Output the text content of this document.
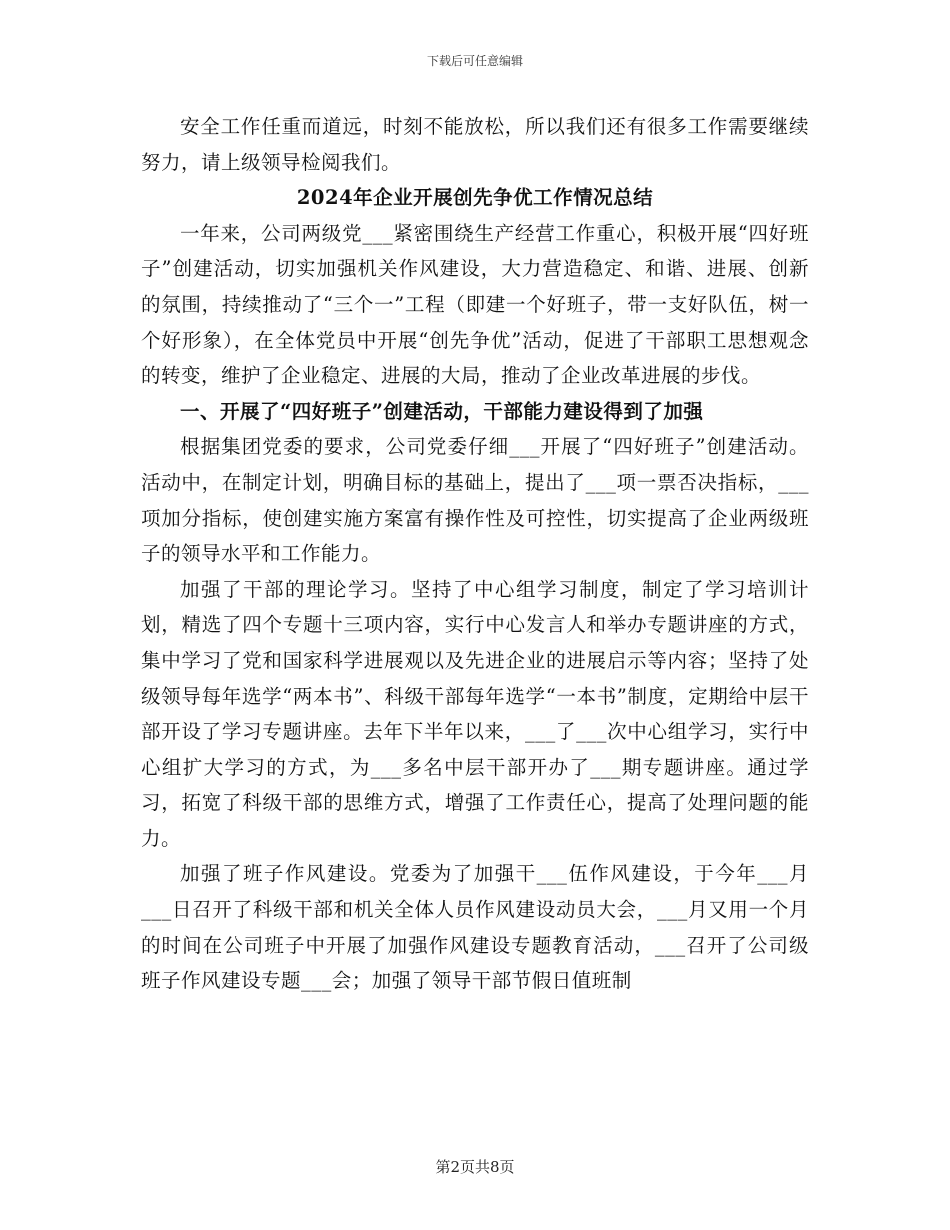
下载后可任意编辑

安全工作任重而道远，时刻不能放松，所以我们还有很多工作需要继续努力，请上级领导检阅我们。

2024年企业开展创先争优工作情况总结

一年来，公司两级党___紧密围绕生产经营工作重心，积极开展“四好班子”创建活动，切实加强机关作风建设，大力营造稳定、和谐、进展、创新的氛围，持续推动了“三个一”工程（即建一个好班子，带一支好队伍，树一个好形象），在全体党员中开展“创先争优”活动，促进了干部职工思想观念的转变，维护了企业稳定、进展的大局，推动了企业改革进展的步伐。

一、开展了“四好班子”创建活动，干部能力建设得到了加强

根据集团党委的要求，公司党委仔细___开展了“四好班子”创建活动。活动中，在制定计划，明确目标的基础上，提出了___项一票否决指标，___项加分指标，使创建实施方案富有操作性及可控性，切实提高了企业两级班子的领导水平和工作能力。

加强了干部的理论学习。坚持了中心组学习制度，制定了学习培训计划，精选了四个专题十三项内容，实行中心发言人和举办专题讲座的方式，集中学习了党和国家科学进展观以及先进企业的进展启示等内容；坚持了处级领导每年选学“两本书”、科级干部每年选学“一本书”制度，定期给中层干部开设了学习专题讲座。去年下半年以来，___了___次中心组学习，实行中心组扩大学习的方式，为___多名中层干部开办了___期专题讲座。通过学习，拓宽了科级干部的思维方式，增强了工作责任心，提高了处理问题的能力。

加强了班子作风建设。党委为了加强干___伍作风建设，于今年___月___日召开了科级干部和机关全体人员作风建设动员大会，___月又用一个月的时间在公司班子中开展了加强作风建设专题教育活动，___召开了公司级班子作风建设专题___会；加强了领导干部节假日值班制

第2页共8页
